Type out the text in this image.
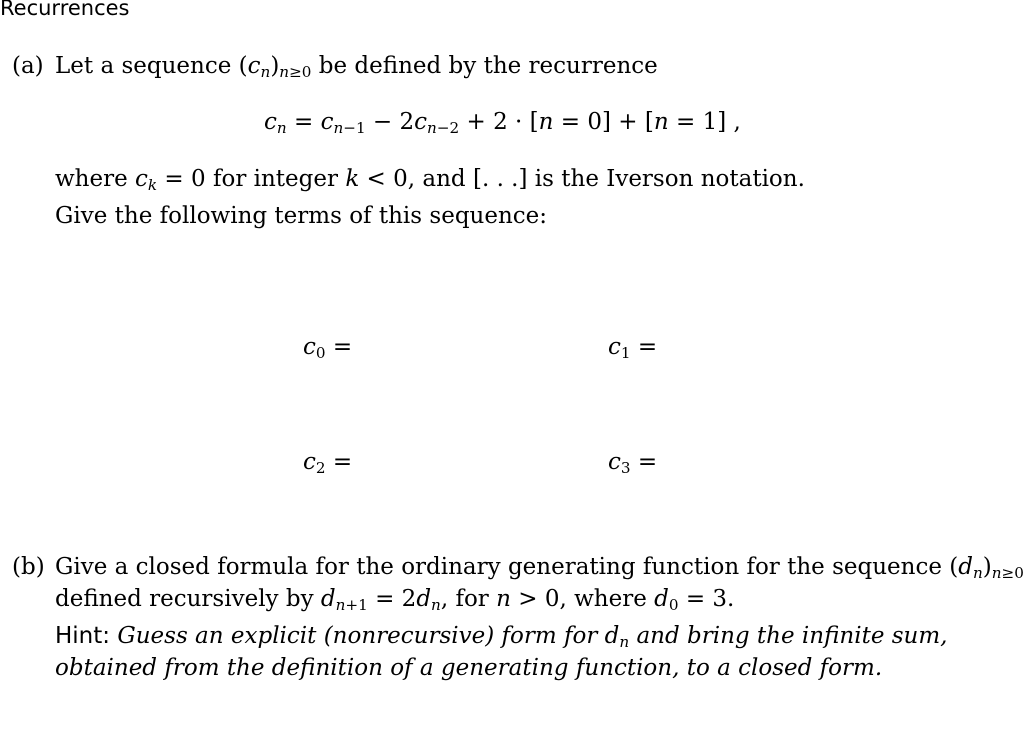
Recurrences
(a) Let a sequence $(c_n)_{n\ge 0}$ be defined by the recurrence
$c_n = c_{n-1} - 2c_{n-2} + 2 \cdot [n = 0] + [n = 1]$ ,
where $c_k = 0$ for integer k < 0, and [. . .] is the Iverson notation.
Give the following terms of this sequence:
$c_0$ =	$c_1$ =
$c_2$ =	$c_3$ =
(b) Give a closed formula for the ordinary generating function for the sequence $(d_n)_{n\ge 0}$
defined recursively by $d_{n+1} = 2d_n$, for n > 0, where $d_0 = 3$.
Hint: Guess an explicit (nonrecursive) form for $d_n$ and bring the infinite sum,
obtained from the definition of a generating function, to a closed form.
